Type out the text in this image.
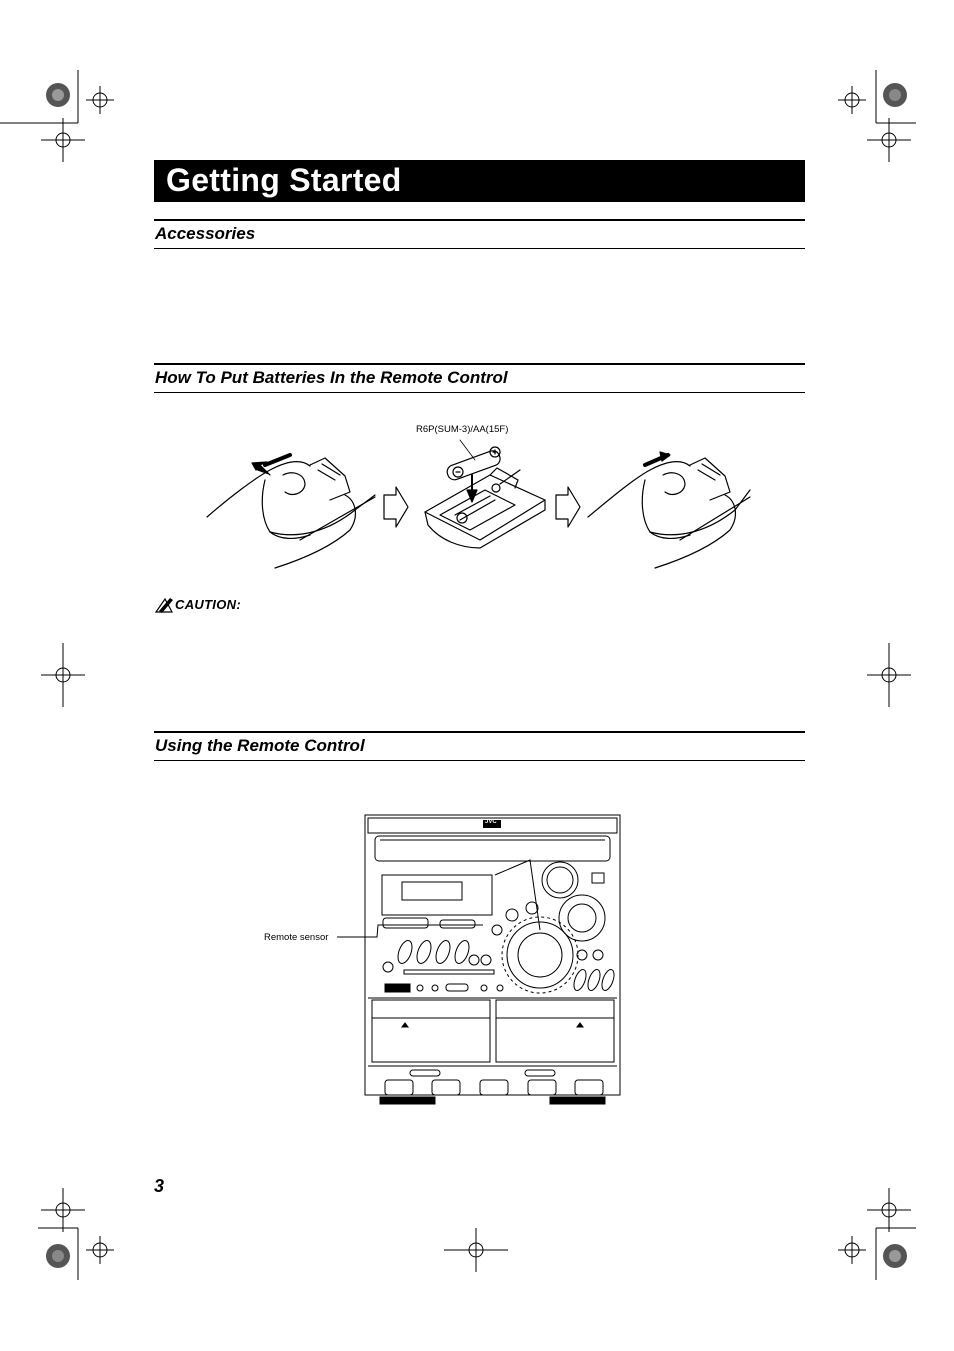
Getting Started
Accessories
How To Put Batteries In the Remote Control
Using the Remote Control
R6P(SUM-3)/AA(15F)
CAUTION:
JVC
Remote sensor
3
